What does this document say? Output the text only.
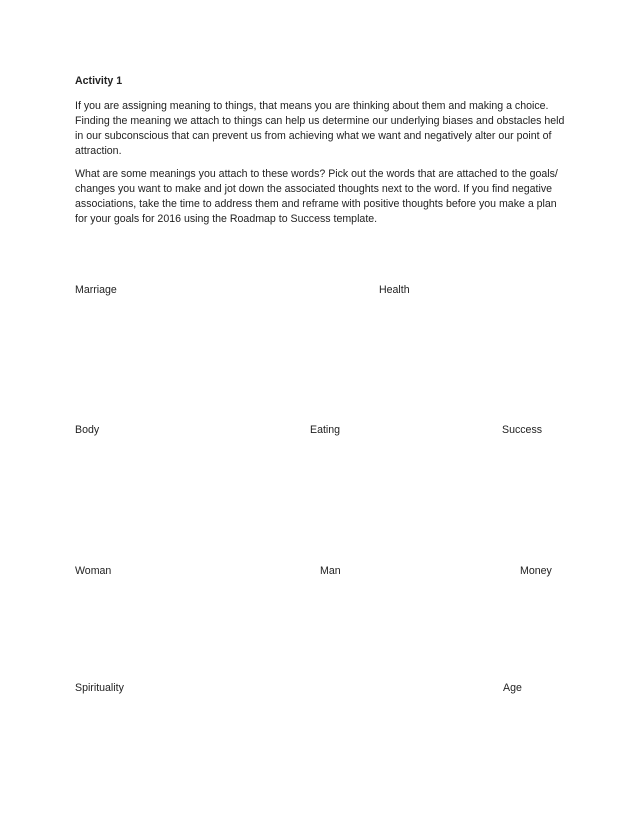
Activity 1

If you are assigning meaning to things, that means you are thinking about them and making a choice. Finding the meaning we attach to things can help us determine our underlying biases and obstacles held in our subconscious that can prevent us from achieving what we want and negatively alter our point of attraction.

What are some meanings you attach to these words? Pick out the words that are attached to the goals/ changes you want to make and jot down the associated thoughts next to the word. If you find negative associations, take the time to address them and reframe with positive thoughts before you make a plan for your goals for 2016 using the Roadmap to Success template.

Marriage	Health
Body	Eating	Success
Woman	Man	Money
Spirituality	Age
